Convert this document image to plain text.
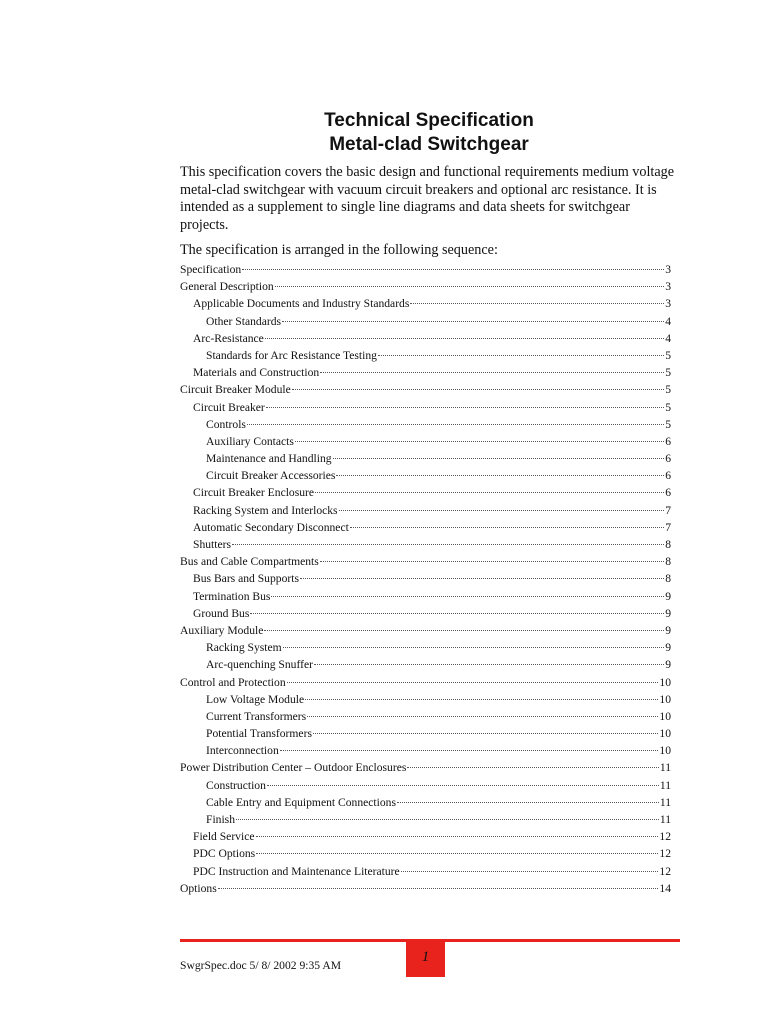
Technical Specification
Metal-clad Switchgear

This specification covers the basic design and functional requirements medium voltage metal-clad switchgear with vacuum circuit breakers and optional arc resistance. It is intended as a supplement to single line diagrams and data sheets for switchgear projects.

The specification is arranged in the following sequence:

Specification	3
General Description	3
Applicable Documents and Industry Standards	3
Other Standards	4
Arc-Resistance	4
Standards for Arc Resistance Testing	5
Materials and Construction	5
Circuit Breaker Module	5
Circuit Breaker	5
Controls	5
Auxiliary Contacts	6
Maintenance and Handling	6
Circuit Breaker Accessories	6
Circuit Breaker Enclosure	6
Racking System and Interlocks	7
Automatic Secondary Disconnect	7
Shutters	8
Bus and Cable Compartments	8
Bus Bars and Supports	8
Termination Bus	9
Ground Bus	9
Auxiliary Module	9
Racking System	9
Arc-quenching Snuffer	9
Control and Protection	10
Low Voltage Module	10
Current Transformers	10
Potential Transformers	10
Interconnection	10
Power Distribution Center – Outdoor Enclosures	11
Construction	11
Cable Entry and Equipment Connections	11
Finish	11
Field Service	12
PDC Options	12
PDC Instruction and Maintenance Literature	12
Options	14
1

SwgrSpec.doc 5/ 8/ 2002 9:35 AM
